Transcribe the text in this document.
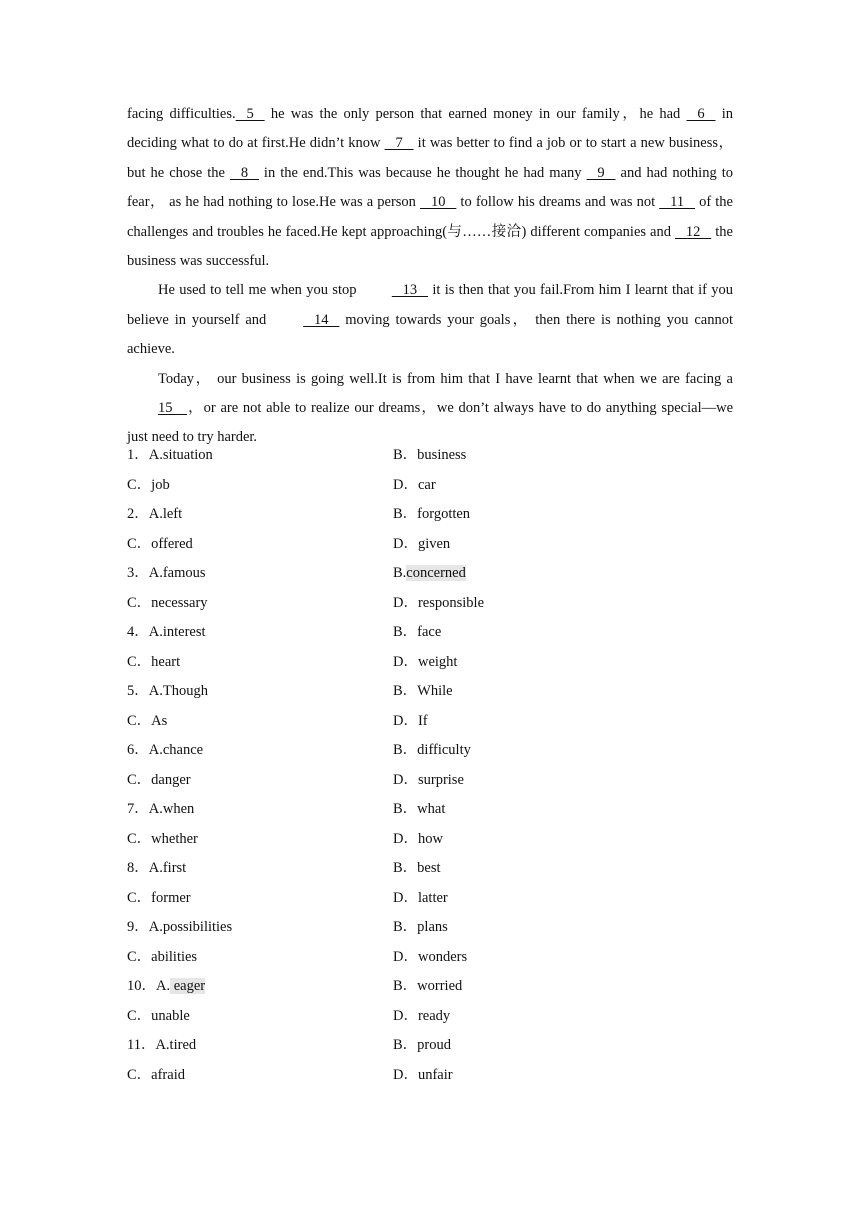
facing difficulties.   5    he was the only person that earned money in our family，he had    6    in deciding what to do at first.He didn’t know    7    it was better to find a job or to start a new business，but he chose the    8    in the end.This was because he thought he had many    9    and had nothing to fear， as he had nothing to lose.He was a person    10    to follow his dreams and was not    11    of the challenges and troubles he faced.He kept approaching(与……接洽) different companies and    12    the business was successful.

He used to tell me when you stop    13    it is then that you fail.From him I learnt that if you believe in yourself and    14    moving towards your goals， then there is nothing you cannot achieve.

Today， our business is going well.It is from him that I have learnt that when we are facing a 15    ，or are not able to realize our dreams，we don’t always have to do anything special—we just need to try harder.

1．A.situation	B．business
C．job	D．car
2．A.left	B．forgotten
C．offered	D．given
3．A.famous	B.concerned
C．necessary	D．responsible
4．A.interest	B．face
C．heart	D．weight
5．A.Though	B．While
C．As	D．If
6．A.chance	B．difficulty
C．danger	D．surprise
7．A.when	B．what
C．whether	D．how
8．A.first	B．best
C．former	D．latter
9．A.possibilities	B．plans
C．abilities	D．wonders
10．A. eager	B．worried
C．unable	D．ready
11．A.tired	B．proud
C．afraid	D．unfair
